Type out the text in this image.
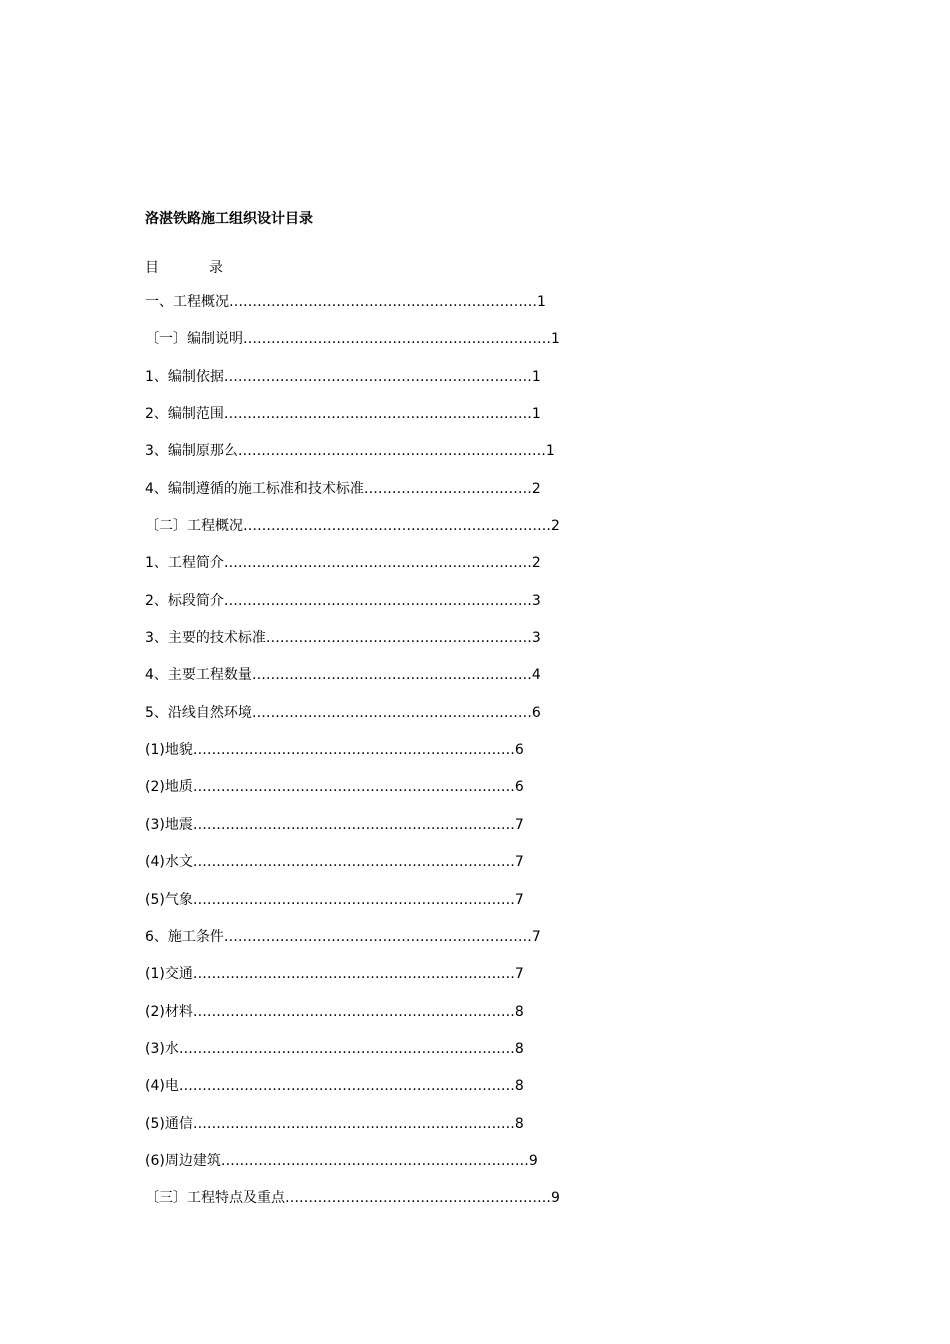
洛湛铁路施工组织设计目录
目	录
一、工程概况…………………………………………………………1
〔一〕编制说明…………………………………………………………1
1、编制依据…………………………………………………………1
2、编制范围…………………………………………………………1
3、编制原那么…………………………………………………………1
4、编制遵循的施工标准和技术标准………………………………2
〔二〕工程概况…………………………………………………………2
1、工程简介…………………………………………………………2
2、标段简介…………………………………………………………3
3、主要的技术标准…………………………………………………3
4、主要工程数量……………………………………………………4
5、沿线自然环境……………………………………………………6
(1)地貌……………………………………………………………6
(2)地质……………………………………………………………6
(3)地震……………………………………………………………7
(4)水文……………………………………………………………7
(5)气象……………………………………………………………7
6、施工条件…………………………………………………………7
(1)交通……………………………………………………………7
(2)材料……………………………………………………………8
(3)水………………………………………………………………8
(4)电………………………………………………………………8
(5)通信……………………………………………………………8
(6)周边建筑…………………………………………………………9
〔三〕工程特点及重点…………………………………………………9
